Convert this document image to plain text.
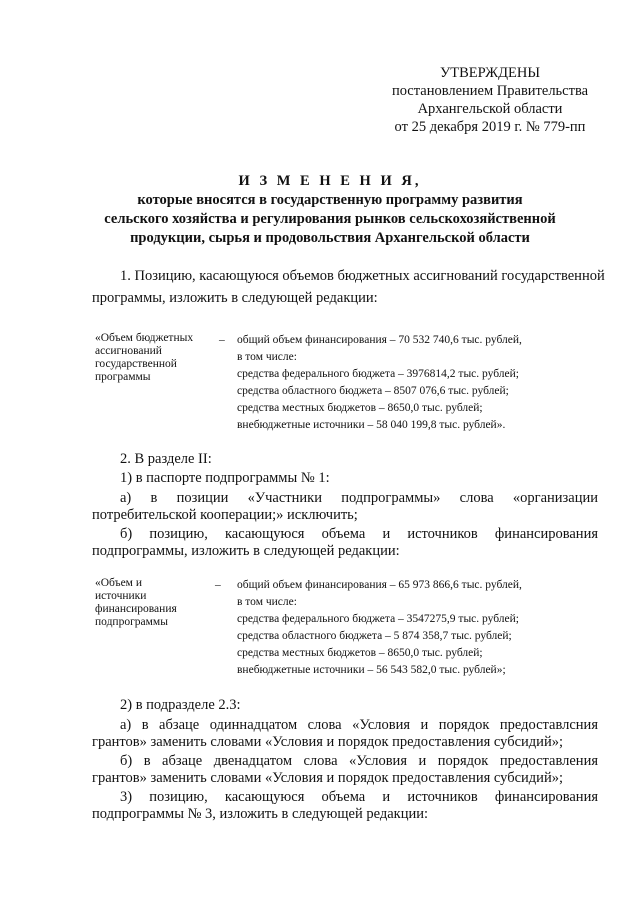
УТВЕРЖДЕНЫ
постановлением Правительства
Архангельской области
от 25 декабря 2019 г. № 779-пп
И З М Е Н Е Н И Я,
которые вносятся в государственную программу развития
сельского хозяйства и регулирования рынков сельскохозяйственной
продукции, сырья и продовольствия Архангельской области
1. Позицию, касающуюся объемов бюджетных ассигнований государственной
программы, изложить в следующей редакции:
«Объем бюджетных ассигнований государственной программы
– общий объем финансирования – 70 532 740,6 тыс. рублей,
в том числе:
средства федерального бюджета – 3976814,2 тыс. рублей;
средства областного бюджета – 8507 076,6 тыс. рублей;
средства местных бюджетов – 8650,0 тыс. рублей;
внебюджетные источники – 58 040 199,8 тыс. рублей».
2. В разделе II:
1) в паспорте подпрограммы № 1:
а) в позиции «Участники подпрограммы» слова «организации
потребительской кооперации;» исключить;
б) позицию, касающуюся объема и источников финансирования
подпрограммы, изложить в следующей редакции:
«Объем и источники финансирования подпрограммы
– общий объем финансирования – 65 973 866,6 тыс. рублей,
в том числе:
средства федерального бюджета – 3547275,9 тыс. рублей;
средства областного бюджета – 5 874 358,7 тыс. рублей;
средства местных бюджетов – 8650,0 тыс. рублей;
внебюджетные источники – 56 543 582,0 тыс. рублей»;
2) в подразделе 2.3:
а) в абзаце одиннадцатом слова «Условия и порядок предоставлсния
грантов» заменить словами «Условия и порядок предоставления субсидий»;
б) в абзаце двенадцатом слова «Условия и порядок предоставления
грантов» заменить словами «Условия и порядок предоставления субсидий»;
3) позицию, касающуюся объема и источников финансирования
подпрограммы № 3, изложить в следующей редакции:
